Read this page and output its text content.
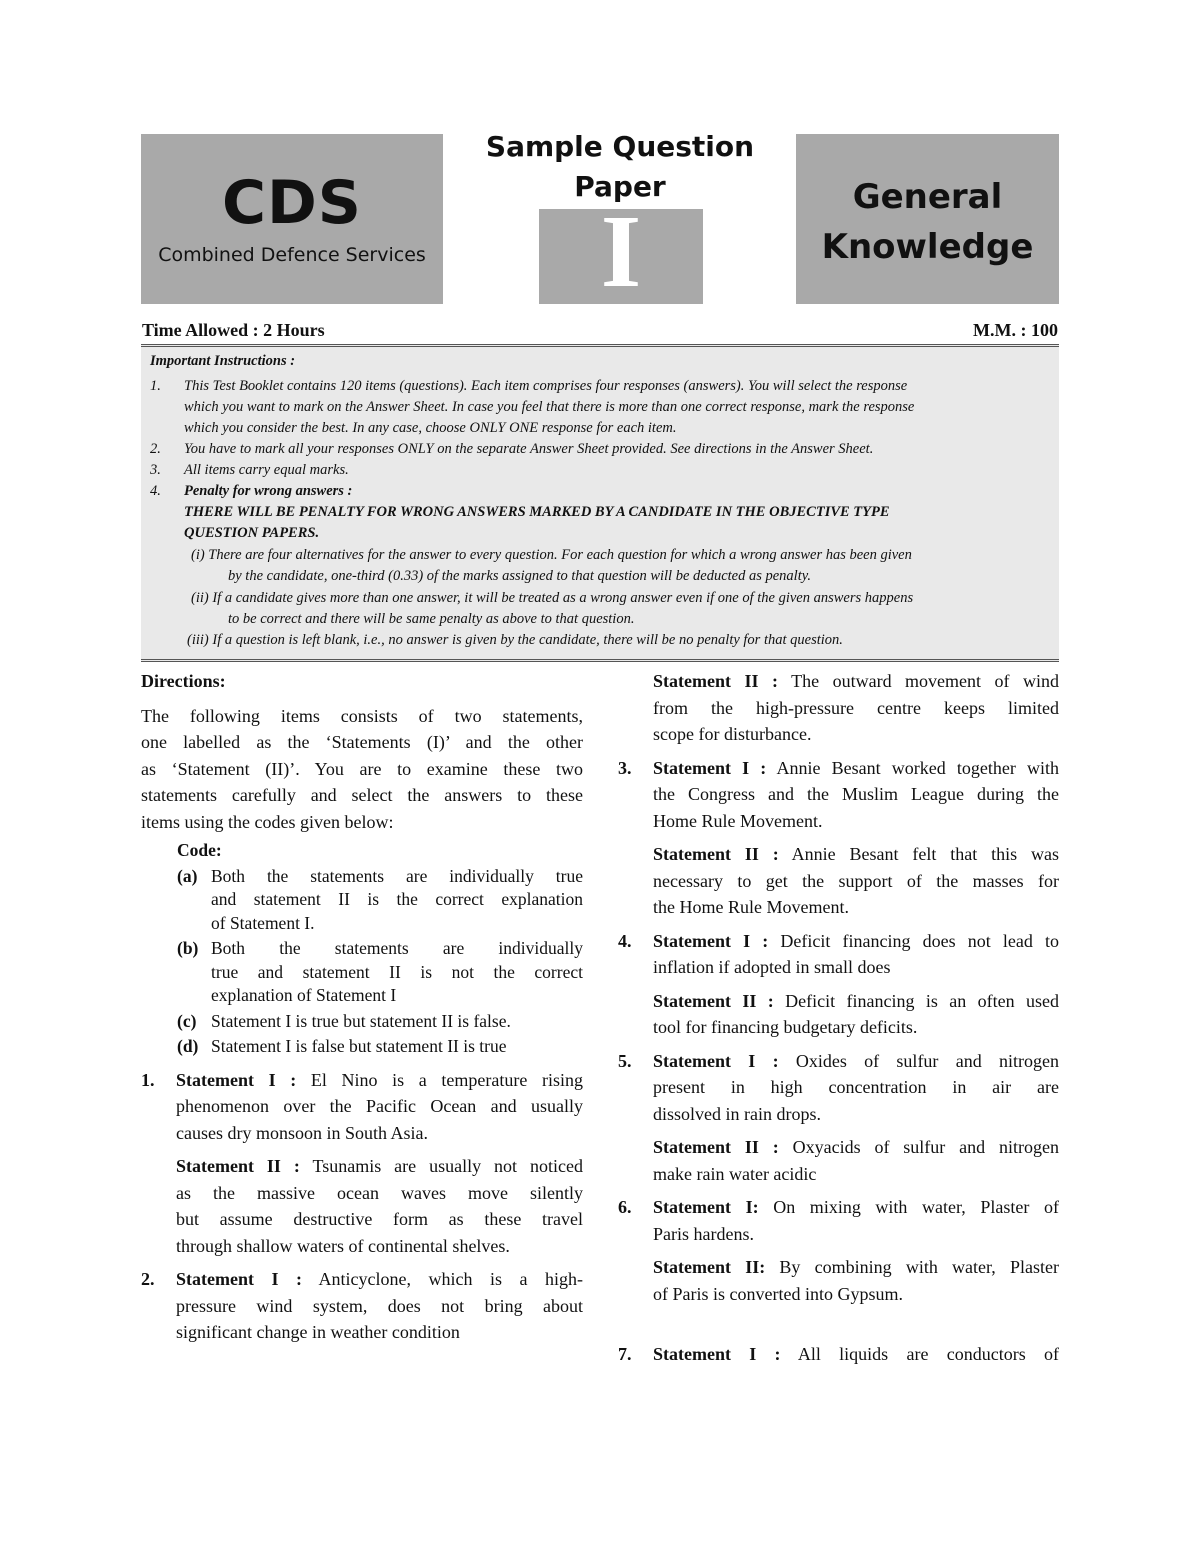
CDS
Combined Defence Services
Sample Question
Paper
I	General
Knowledge
Time Allowed : 2 Hours	M.M. : 100
Important Instructions :
1. This Test Booklet contains 120 items (questions). Each item comprises four responses (answers). You will select the response
which you want to mark on the Answer Sheet. In case you feel that there is more than one correct response, mark the response
which you consider the best. In any case, choose ONLY ONE response for each item.
2. You have to mark all your responses ONLY on the separate Answer Sheet provided. See directions in the Answer Sheet.
3. All items carry equal marks.
4. Penalty for wrong answers :
THERE WILL BE PENALTY FOR WRONG ANSWERS MARKED BY A CANDIDATE IN THE OBJECTIVE TYPE
QUESTION PAPERS.
(i) There are four alternatives for the answer to every question. For each question for which a wrong answer has been given
by the candidate, one-third (0.33) of the marks assigned to that question will be deducted as penalty.
(ii) If a candidate gives more than one answer, it will be treated as a wrong answer even if one of the given answers happens
to be correct and there will be same penalty as above to that question.
(iii) If a question is left blank, i.e., no answer is given by the candidate, there will be no penalty for that question.
Directions:
The following items consists of two statements,
one labelled as the ‘Statements (I)’ and the other
as ‘Statement (II)’. You are to examine these two
statements carefully and select the answers to these
items using the codes given below:
Code:
(a) Both the statements are individually true
and statement II is the correct explanation
of Statement I.
(b) Both the statements are individually
true and statement II is not the correct
explanation of Statement I
(c) Statement I is true but statement II is false.
(d) Statement I is false but statement II is true
1. Statement I : El Nino is a temperature rising
phenomenon over the Pacific Ocean and usually
causes dry monsoon in South Asia.
Statement II : Tsunamis are usually not noticed
as the massive ocean waves move silently
but assume destructive form as these travel
through shallow waters of continental shelves.
2. Statement I : Anticyclone, which is a high-
pressure wind system, does not bring about
significant change in weather condition
Statement II : The outward movement of wind
from the high-pressure centre keeps limited
scope for disturbance.
3. Statement I : Annie Besant worked together with
the Congress and the Muslim League during the
Home Rule Movement.
Statement II : Annie Besant felt that this was
necessary to get the support of the masses for
the Home Rule Movement.
4. Statement I : Deficit financing does not lead to
inflation if adopted in small does
Statement II : Deficit financing is an often used
tool for financing budgetary deficits.
5. Statement I : Oxides of sulfur and nitrogen
present in high concentration in air are
dissolved in rain drops.
Statement II : Oxyacids of sulfur and nitrogen
make rain water acidic
6. Statement I: On mixing with water, Plaster of
Paris hardens.
Statement II: By combining with water, Plaster
of Paris is converted into Gypsum.
7. Statement I : All liquids are conductors of
